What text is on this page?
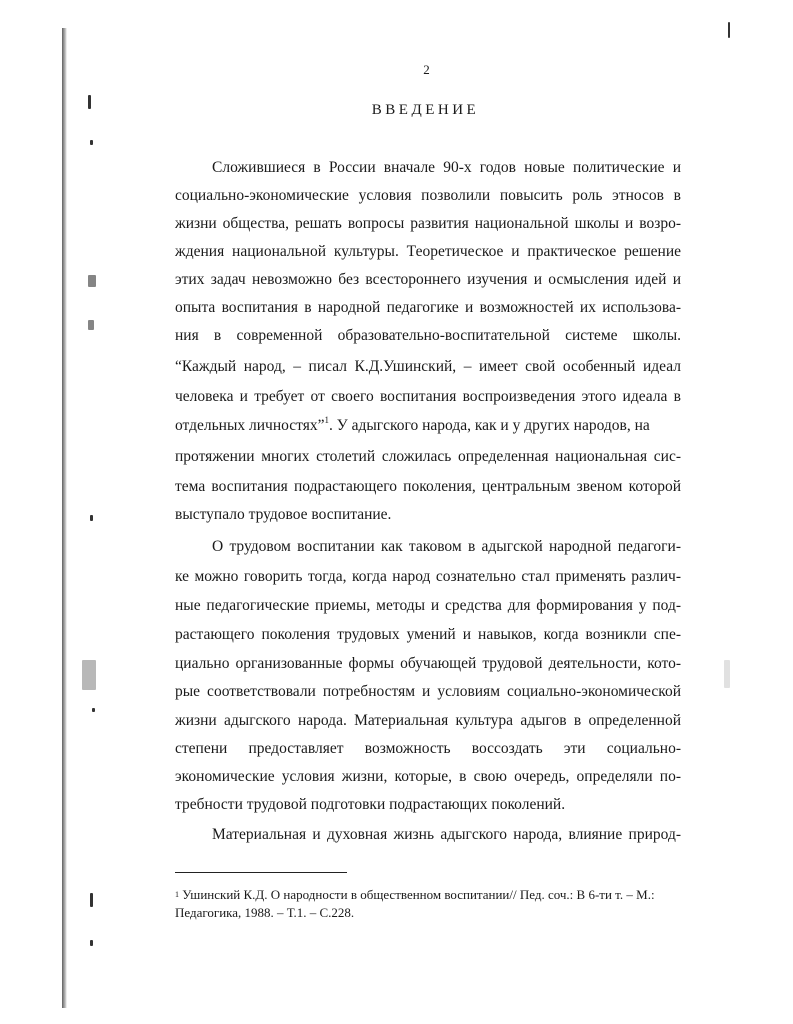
2
ВВЕДЕНИЕ
Сложившиеся в России вначале 90-х годов новые политические и
социально-экономические условия позволили повысить роль этносов в
жизни общества, решать вопросы развития национальной школы и возро-
ждения национальной культуры. Теоретическое и практическое решение
этих задач невозможно без всестороннего изучения и осмысления идей и
опыта воспитания в народной педагогике и возможностей их использова-
ния в современной образовательно-воспитательной системе школы.
“Каждый народ, – писал К.Д.Ушинский, – имеет свой особенный идеал
человека и требует от своего воспитания воспроизведения этого идеала в
отдельных личностях”$^1$. У адыгского народа, как и у других народов, на
протяжении многих столетий сложилась определенная национальная сис-
тема воспитания подрастающего поколения, центральным звеном которой
выступало трудовое воспитание.
О трудовом воспитании как таковом в адыгской народной педагоги-
ке можно говорить тогда, когда народ сознательно стал применять различ-
ные педагогические приемы, методы и средства для формирования у под-
растающего поколения трудовых умений и навыков, когда возникли спе-
циально организованные формы обучающей трудовой деятельности, кото-
рые соответствовали потребностям и условиям социально-экономической
жизни адыгского народа. Материальная культура адыгов в определенной
степени предоставляет возможность воссоздать эти социально-
экономические условия жизни, которые, в свою очередь, определяли по-
требности трудовой подготовки подрастающих поколений.
Материальная и духовная жизнь адыгского народа, влияние природ-
$^1$ Ушинский К.Д. О народности в общественном воспитании// Пед. соч.: В 6-ти т. – М.:
Педагогика, 1988. – Т.1. – С.228.
